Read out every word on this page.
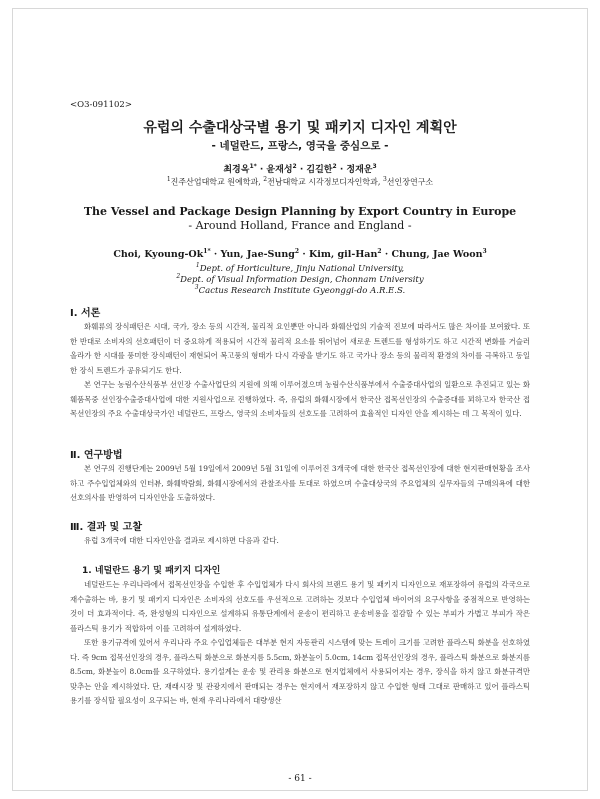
<O3-091102>
유럽의 수출대상국별 용기 및 패키지 디자인 계획안
- 네덜란드, 프랑스, 영국을 중심으로 -
최경옥$^{1*}$ · 윤재성$^2$ · 김길한$^2$ · 정재운$^3$
$^1$진주산업대학교 원예학과, $^2$전남대학교 시각정보디자인학과, $^3$선인장연구소
The Vessel and Package Design Planning by Export Country in Europe
- Around Holland, France and England -
Choi, Kyoung-$Ok^{1*}$ · Yun, Jae-Sung$^2$ · Kim, gil-Han$^2$ · Chung, Jae Woon$^3$
$^1$Dept. of Horticulture, Jinju National University,
$^2$Dept. of Visual Information Design, Chonnam University
$^3$Cactus Research Institute Gyeonggi-do A.R.E.S.
Ⅰ. 서론

화훼류의 장식패턴은 시대, 국가, 장소 등의 시간적, 물리적 요인뿐만 아니라 화훼산업의 기술적 진보에 따라서도 많은 차이를 보여왔다. 또한 반대로 소비자의 선호패턴이 더 중요하게 적용되어 시간적 물리적 요소를 뛰어넘어 새로운 트렌드를 형성하기도 하고 시간적 변화를 거슬러 올라가 한 시대를 풍미한 장식패턴이 재현되어 복고풍의 형태가 다시 각광을 받기도 하고 국가나 장소 등의 물리적 환경의 차이를 극복하고 동일한 장식 트렌드가 공유되기도 한다.

본 연구는 농림수산식품부 선인장 수출사업단의 지원에 의해 이루어졌으며 농림수산식품부에서 수출증대사업의 일환으로 추진되고 있는 화훼품목중 선인장수출증대사업에 대한 지원사업으로 진행하였다. 즉, 유럽의 화훼시장에서 한국산 접목선인장의 수출증대를 꾀하고자 한국산 접목선인장의 주요 수출대상국가인 네덜란드, 프랑스, 영국의 소비자들의 선호도를 고려하여 효율적인 디자인 안을 제시하는 데 그 목적이 있다.

Ⅱ. 연구방법

본 연구의 진행단계는 2009년 5월 19일에서 2009년 5월 31일에 이루어진 3개국에 대한 한국산 접목선인장에 대한 현지판매현황을 조사하고 주수입업체와의 인터뷰, 화훼박람회, 화훼시장에서의 관찰조사를 토대로 하였으며 수출대상국의 주요업체의 실무자들의 구매의욕에 대한 선호의사를 반영하여 디자인안을 도출하였다.

Ⅲ. 결과 및 고찰

유럽 3개국에 대한 디자인안을 결과로 제시하면 다음과 같다.

1. 네덜란드 용기 및 패키지 디자인

네덜란드는 우리나라에서 접목선인장을 수입한 후 수입업체가 다시 회사의 브랜드 용기 및 패키지 디자인으로 재포장하여 유럽의 각국으로 재수출하는 바, 용기 및 패키지 디자인은 소비자의 선호도를 우선적으로 고려하는 것보다 수입업체 바이어의 요구사항을 중점적으로 반영하는 것이 더 효과적이다. 즉, 완성형의 디자인으로 설계하되 유통단계에서 운송이 편리하고 운송비용을 절감할 수 있는 부피가 가볍고 부피가 작은 플라스틱 용기가 적합하여 이를 고려하여 설계하였다.

또한 용기규격에 있어서 우리나라 주요 수입업체들은 대부분 현지 자동판리 시스템에 맞는 트레이 크기를 고려한 플라스틱 화분을 선호하였다. 즉 9cm 접목선인장의 경우, 플라스틱 화분으로 화분지름 5.5cm, 화분높이 5.0cm, 14cm 접목선인장의 경우, 플라스틱 화분으로 화분지름 8.5cm, 화분높이 8.0cm를 요구하였다. 용기설계는 운송 및 관리용 화분으로 현지업체에서 사용되어지는 경우, 장식을 하지 않고 화분규격만 맞추는 안을 제시하였다. 단, 재래시장 및 관광지에서 판매되는 경우는 현지에서 재포장하지 않고 수입한 형태 그대로 판매하고 있어 플라스틱 용기를 장식할 필요성이 요구되는 바, 현재 우리나라에서 대량생산

- 61 -
